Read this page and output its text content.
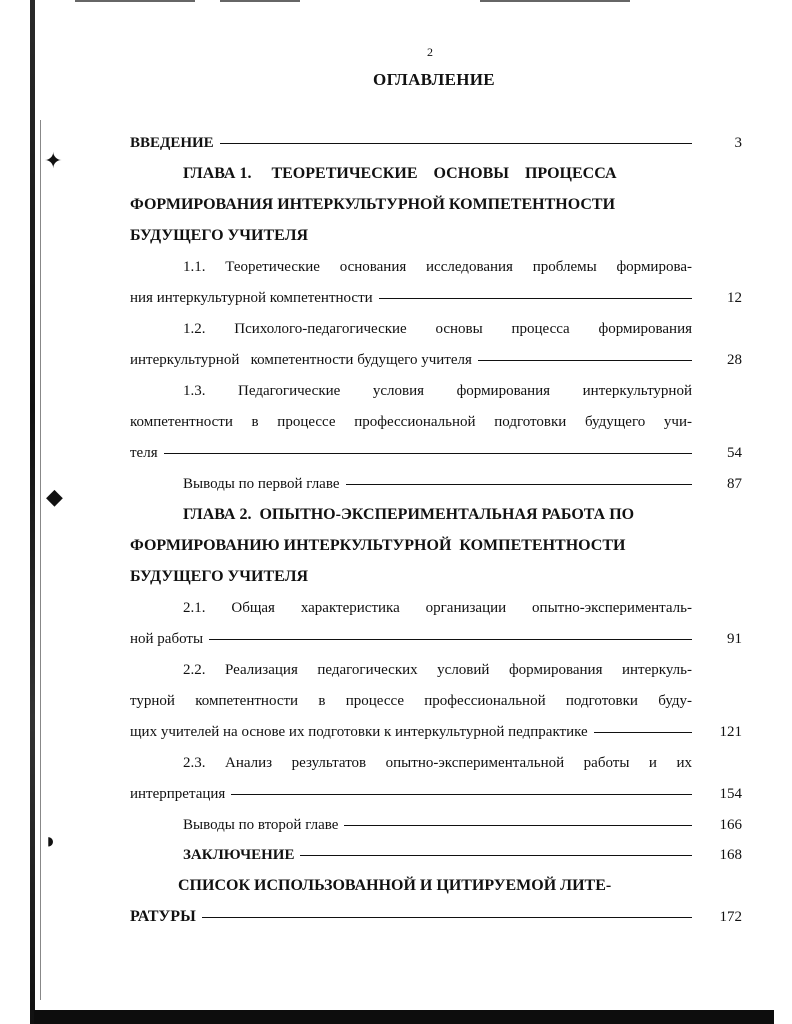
✦
◆
◗
2
ОГЛАВЛЕНИЕ
ВВЕДЕНИЕ	3
ГЛАВА 1.     ТЕОРЕТИЧЕСКИЕ    ОСНОВЫ    ПРОЦЕССА
ФОРМИРОВАНИЯ ИНТЕРКУЛЬТУРНОЙ КОМПЕТЕНТНОСТИ
БУДУЩЕГО УЧИТЕЛЯ
1.1. Теоретические основания исследования проблемы формирова-
ния интеркультурной компетентности	12
1.2. Психолого-педагогические основы процесса формирования
интеркультурной   компетентности будущего учителя	28
1.3. Педагогические условия формирования интеркультурной
компетентности в процессе профессиональной подготовки будущего учи-
теля	54
Выводы по первой главе	87
ГЛАВА 2.  ОПЫТНО-ЭКСПЕРИМЕНТАЛЬНАЯ РАБОТА ПО
ФОРМИРОВАНИЮ ИНТЕРКУЛЬТУРНОЙ  КОМПЕТЕНТНОСТИ
БУДУЩЕГО УЧИТЕЛЯ
2.1. Общая характеристика организации опытно-эксперименталь-
ной работы	91
2.2. Реализация педагогических условий формирования интеркуль-
турной компетентности в процессе профессиональной подготовки буду-
щих учителей на основе их подготовки к интеркультурной педпрактике	121
2.3. Анализ результатов опытно-экспериментальной работы и их
интерпретация	154
Выводы по второй главе	166
ЗАКЛЮЧЕНИЕ	168
СПИСОК ИСПОЛЬЗОВАННОЙ И ЦИТИРУЕМОЙ ЛИТЕ-
РАТУРЫ	172
